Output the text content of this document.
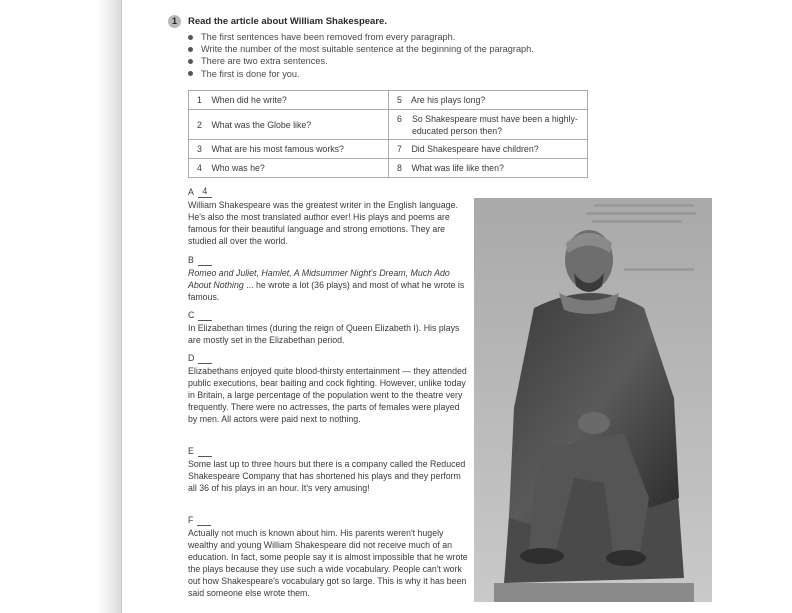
1	Read the article about William Shakespeare.
The first sentences have been removed from every paragraph.
Write the number of the most suitable sentence at the beginning of the paragraph.
There are two extra sentences.
The first is done for you.
1 When did he write?	5 Are his plays long?
2 What was the Globe like?	6 So Shakespeare must have been a highly-educated person then?

3 What are his most famous works?	7 Did Shakespeare have children?
4 Who was he?	8 What was life like then?
A 4

William Shakespeare was the greatest writer in the English language. He's also the most translated author ever! His plays and poems are famous for their beautiful language and strong emotions. They are studied all over the world.

B

Romeo and Juliet, Hamlet, A Midsummer Night's Dream, Much Ado About Nothing ... he wrote a lot (36 plays) and most of what he wrote is famous.

C

In Elizabethan times (during the reign of Queen Elizabeth I). His plays are mostly set in the Elizabethan period.

D

Elizabethans enjoyed quite blood-thirsty entertainment — they attended public executions, bear baiting and cock fighting. However, unlike today in Britain, a large percentage of the population went to the theatre very frequently. There were no actresses, the parts of females were played by men. All actors were paid next to nothing.

E

Some last up to three hours but there is a company called the Reduced Shakespeare Company that has shortened his plays and they perform all 36 of his plays in an hour. It's very amusing!

F

Actually not much is known about him. His parents weren't hugely wealthy and young William Shakespeare did not receive much of an education. In fact, some people say it is almost impossible that he wrote the plays because they use such a wide vocabulary. People can't work out how Shakespeare's vocabulary got so large. This is why it has been said someone else wrote them.
